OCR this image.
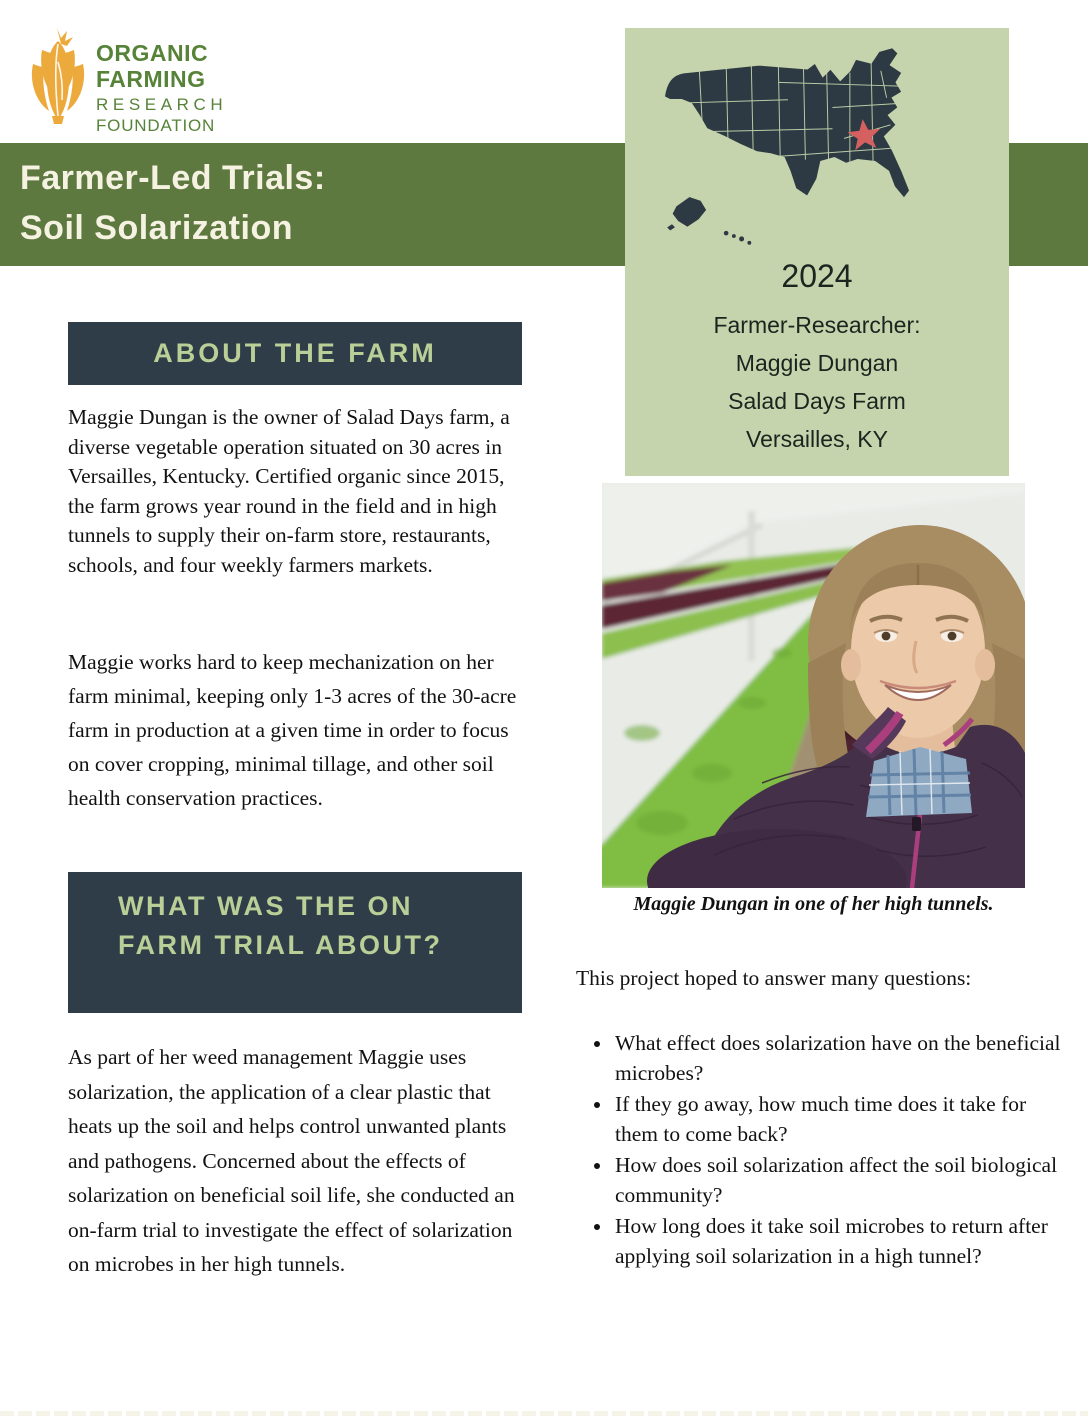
ORGANIC
FARMING
RESEARCH
FOUNDATION
Farmer-Led Trials:
Soil Solarization
2024
Farmer-Researcher:
Maggie Dungan
Salad Days Farm
Versailles, KY
Maggie Dungan in one of her high tunnels.
ABOUT THE FARM
Maggie Dungan is the owner of Salad Days farm, a diverse vegetable operation situated on 30 acres in Versailles, Kentucky. Certified organic since 2015, the farm grows year round in the field and in high tunnels to supply their on-farm store, restaurants, schools, and four weekly farmers markets.
Maggie works hard to keep mechanization on her farm minimal, keeping only 1-3 acres of the 30-acre farm in production at a given time in order to focus on cover cropping, minimal tillage, and other soil health conservation practices.
WHAT WAS THE ON FARM TRIAL ABOUT?
As part of her weed management Maggie uses solarization, the application of a clear plastic that heats up the soil and helps control unwanted plants and pathogens. Concerned about the effects of solarization on beneficial soil life, she conducted an on-farm trial to investigate the effect of solarization on microbes in her high tunnels.
This project hoped to answer many questions:
• What effect does solarization have on the beneficial microbes?
• If they go away, how much time does it take for them to come back?
• How does soil solarization affect the soil biological community?
• How long does it take soil microbes to return after applying soil solarization in a high tunnel?
